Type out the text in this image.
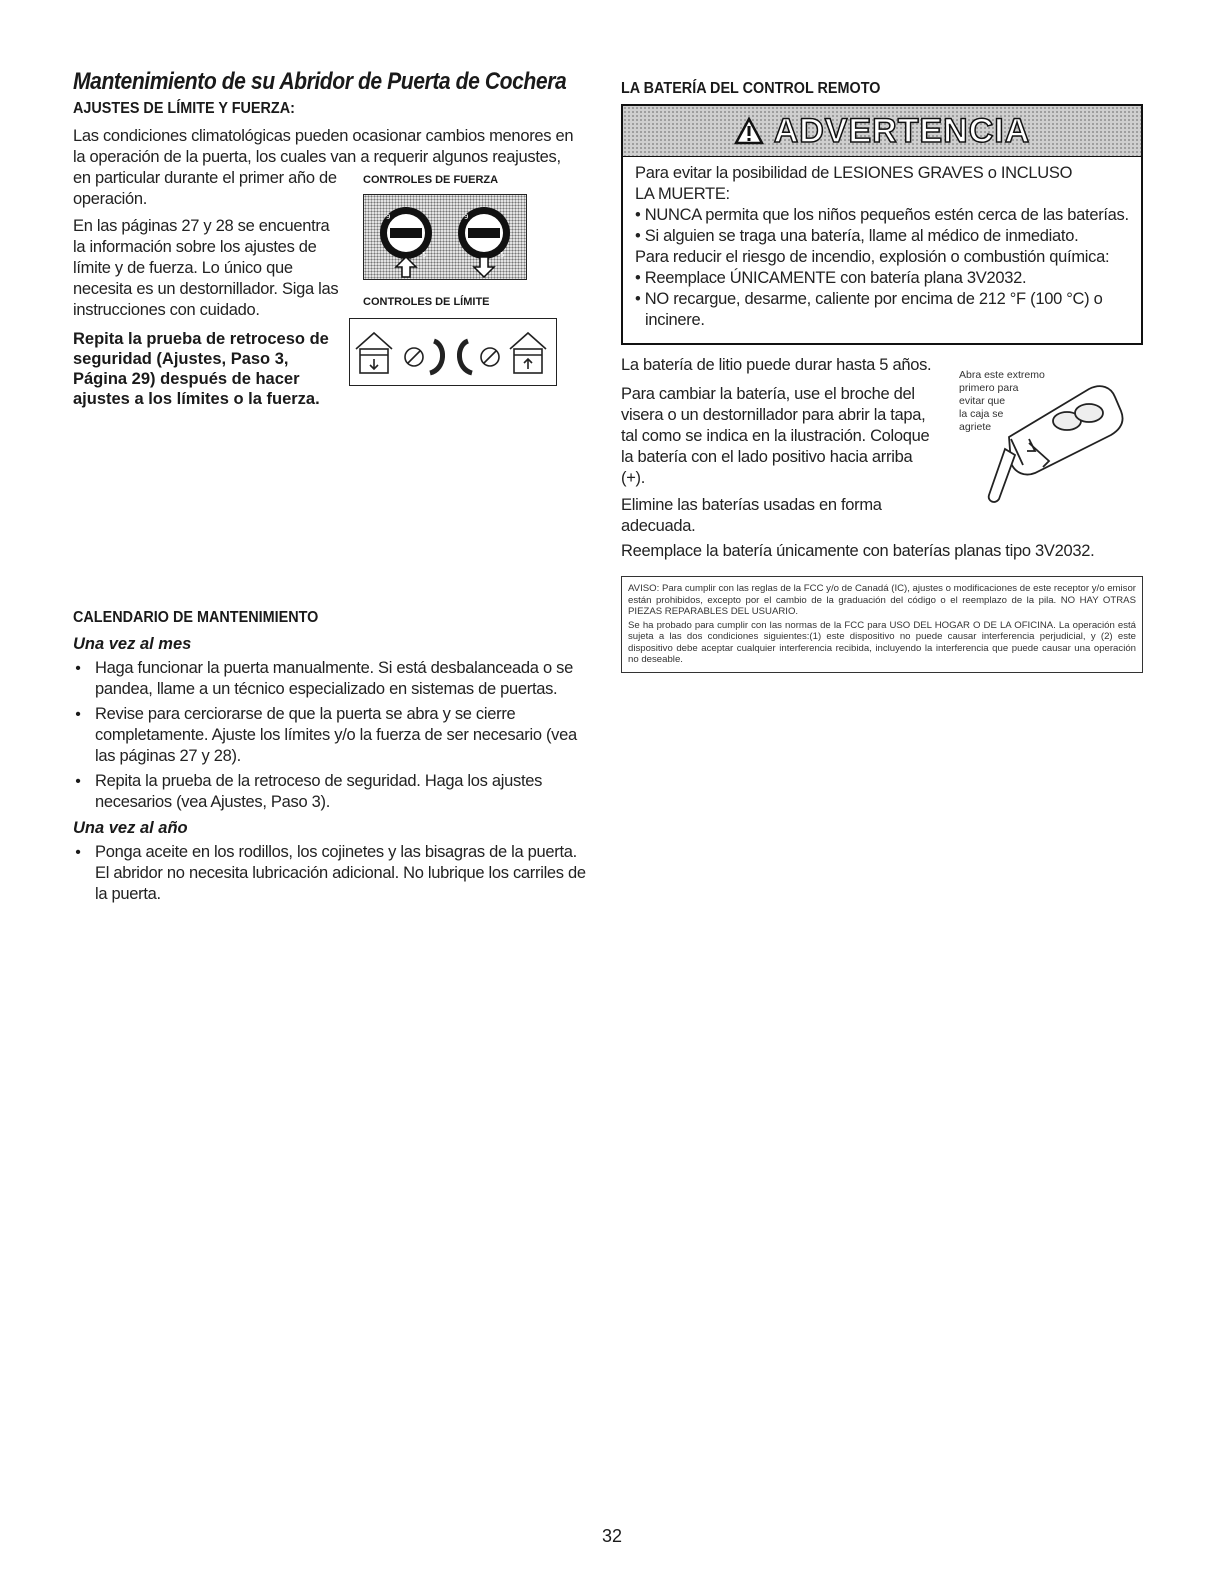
Mantenimiento de su Abridor de Puerta de Cochera
AJUSTES DE LÍMITE Y FUERZA:

Las condiciones climatológicas pueden ocasionar cambios menores en

la operación de la puerta, los cuales van a requerir algunos reajustes,

en particular durante el primer año de

operación.

En las páginas 27 y 28 se encuentra la información sobre los ajustes de límite y de fuerza. Lo único que necesita es un destornillador. Siga las instrucciones con cuidado.

Repita la prueba de retroceso de seguridad (Ajustes, Paso 3, Página 29) después de hacer ajustes a los límites o la fuerza.

CONTROLES DE FUERZA
9
5
9
5
CONTROLES DE LÍMITE
CALENDARIO DE MANTENIMIENTO
Una vez al mes
• Haga funcionar la puerta manualmente. Si está desbalanceada o se pandea, llame a un técnico especializado en sistemas de puertas.

• Revise para cerciorarse de que la puerta se abra y se cierre completamente. Ajuste los límites y/o la fuerza de ser necesario (vea las páginas 27 y 28).

• Repita la prueba de la retroceso de seguridad. Haga los ajustes necesarios (vea Ajustes, Paso 3).

Una vez al año
• Ponga aceite en los rodillos, los cojinetes y las bisagras de la puerta. El abridor no necesita lubricación adicional. No lubrique los carriles de la puerta.

LA BATERÍA DEL CONTROL REMOTO
ADVERTENCIA

Para evitar la posibilidad de LESIONES GRAVES o INCLUSO

LA MUERTE:

• NUNCA permita que los niños pequeños estén cerca de las baterías.

• Si alguien se traga una batería, llame al médico de inmediato.

Para reducir el riesgo de incendio, explosión o combustión química:

• Reemplace ÚNICAMENTE con batería plana 3V2032.

• NO recargue, desarme, caliente por encima de 212 °F (100 °C) o incinere.

La batería de litio puede durar hasta 5 años.

Para cambiar la batería, use el broche del visera o un destornillador para abrir la tapa, tal como se indica en la ilustración. Coloque la batería con el lado positivo hacia arriba (+).

Elimine las baterías usadas en forma adecuada.

Abra este extremo
primero para
evitar que
la caja se
agriete

Reemplace la batería únicamente con baterías planas tipo 3V2032.

AVISO: Para cumplir con las reglas de la FCC y/o de Canadá (IC), ajustes o modificaciones de este receptor y/o emisor están prohibidos, excepto por el cambio de la graduación del código o el reemplazo de la pila. NO HAY OTRAS PIEZAS REPARABLES DEL USUARIO.

Se ha probado para cumplir con las normas de la FCC para USO DEL HOGAR O DE LA OFICINA. La operación está sujeta a las dos condiciones siguientes:(1) este dispositivo no puede causar interferencia perjudicial, y (2) este dispositivo debe aceptar cualquier interferencia recibida, incluyendo la interferencia que puede causar una operación no deseable.

32
